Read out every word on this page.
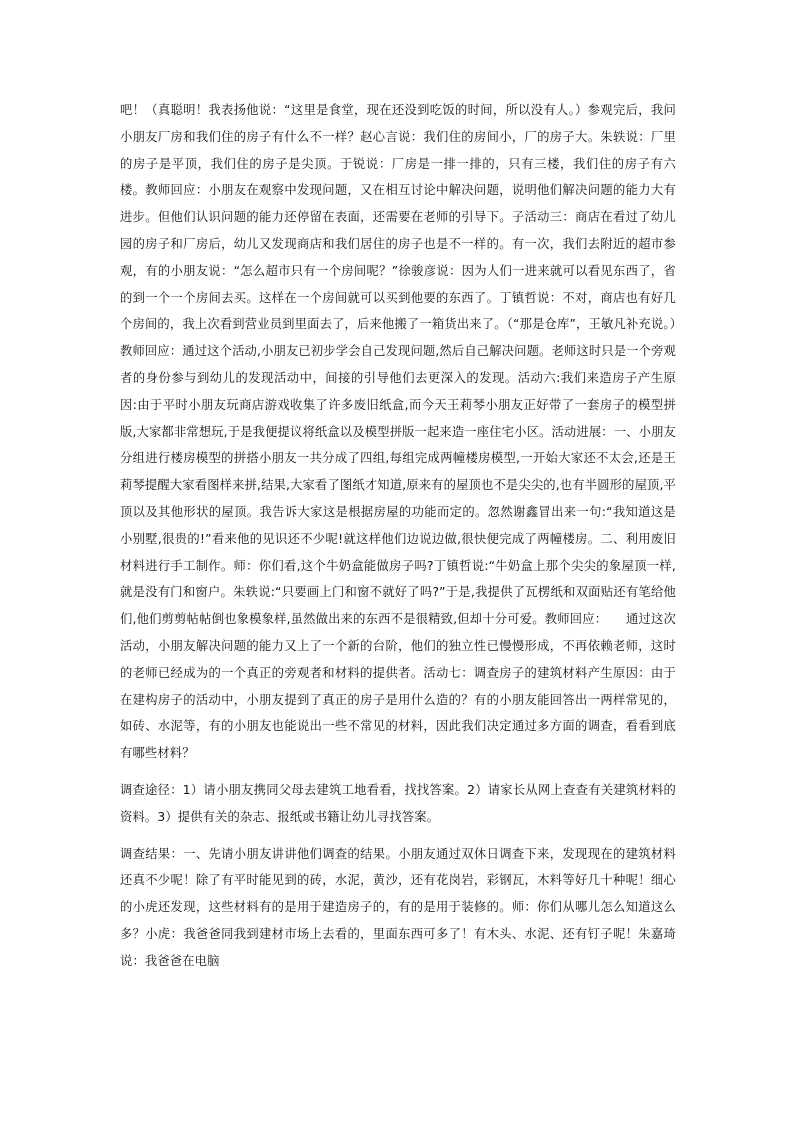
吧！（真聪明！我表扬他说：“这里是食堂，现在还没到吃饭的时间，所以没有人。）参观完后，我问小朋友厂房和我们住的房子有什么不一样？赵心言说：我们住的房间小，厂的房子大。朱轶说：厂里的房子是平顶，我们住的房子是尖顶。于锐说：厂房是一排一排的，只有三楼，我们住的房子有六楼。教师回应：小朋友在观察中发现问题，又在相互讨论中解决问题，说明他们解决问题的能力大有进步。但他们认识问题的能力还停留在表面，还需要在老师的引导下。子活动三：商店在看过了幼儿园的房子和厂房后，幼儿又发现商店和我们居住的房子也是不一样的。有一次，我们去附近的超市参观，有的小朋友说：“怎么超市只有一个房间呢？”徐骏彦说：因为人们一进来就可以看见东西了，省的到一个一个房间去买。这样在一个房间就可以买到他要的东西了。丁镇哲说：不对，商店也有好几个房间的，我上次看到营业员到里面去了，后来他搬了一箱货出来了。（“那是仓库”，王敏凡补充说。）教师回应：通过这个活动,小朋友已初步学会自己发现问题,然后自己解决问题。老师这时只是一个旁观者的身份参与到幼儿的发现活动中，间接的引导他们去更深入的发现。活动六:我们来造房子产生原因:由于平时小朋友玩商店游戏收集了许多废旧纸盒,而今天王莉琴小朋友正好带了一套房子的模型拼版,大家都非常想玩,于是我便提议将纸盒以及模型拼版一起来造一座住宅小区。活动进展：一、小朋友分组进行楼房模型的拼搭小朋友一共分成了四组,每组完成两幢楼房模型,一开始大家还不太会,还是王莉琴提醒大家看图样来拼,结果,大家看了图纸才知道,原来有的屋顶也不是尖尖的,也有半圆形的屋顶,平顶以及其他形状的屋顶。我告诉大家这是根据房屋的功能而定的。忽然谢鑫冒出来一句:“我知道这是小别墅,很贵的!”看来他的见识还不少呢!就这样他们边说边做,很快便完成了两幢楼房。二、利用废旧材料进行手工制作。师：你们看,这个牛奶盒能做房子吗?丁镇哲说:“牛奶盒上那个尖尖的象屋顶一样,就是没有门和窗户。朱轶说:“只要画上门和窗不就好了吗?”于是,我提供了瓦楞纸和双面贴还有笔给他们,他们剪剪帖帖倒也象模象样,虽然做出来的东西不是很精致,但却十分可爱。教师回应：　　通过这次活动，小朋友解决问题的能力又上了一个新的台阶，他们的独立性已慢慢形成，不再依赖老师，这时的老师已经成为的一个真正的旁观者和材料的提供者。活动七：调查房子的建筑材料产生原因：由于在建构房子的活动中，小朋友提到了真正的房子是用什么造的？有的小朋友能回答出一两样常见的，如砖、水泥等，有的小朋友也能说出一些不常见的材料，因此我们决定通过多方面的调查，看看到底有哪些材料？

调查途径：1）请小朋友携同父母去建筑工地看看，找找答案。2）请家长从网上查查有关建筑材料的资料。3）提供有关的杂志、报纸或书籍让幼儿寻找答案。

调查结果：一、先请小朋友讲讲他们调查的结果。小朋友通过双休日调查下来，发现现在的建筑材料还真不少呢！除了有平时能见到的砖，水泥，黄沙，还有花岗岩，彩钢瓦，木料等好几十种呢！细心的小虎还发现，这些材料有的是用于建造房子的，有的是用于装修的。师：你们从哪儿怎么知道这么多？小虎：我爸爸同我到建材市场上去看的，里面东西可多了！有木头、水泥、还有钉子呢！朱嘉琦说：我爸爸在电脑
